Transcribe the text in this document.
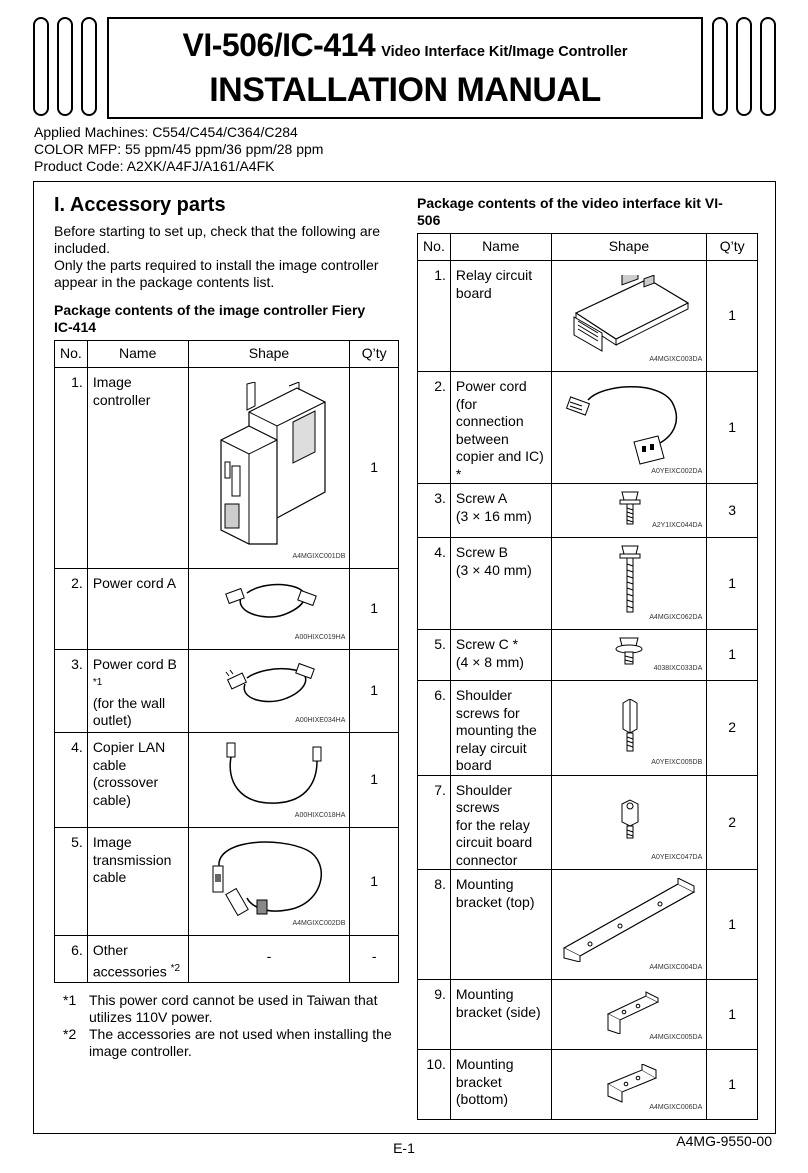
VI-506/IC-414 Video Interface Kit/Image Controller
INSTALLATION MANUAL
Applied Machines: C554/C454/C364/C284
COLOR MFP: 55 ppm/45 ppm/36 ppm/28 ppm
Product Code: A2XK/A4FJ/A161/A4FK
I. Accessory parts
Before starting to set up, check that the following are included.
Only the parts required to install the image controller appear in the package contents list.
Package contents of the image controller Fiery IC-414
No.	Name	Shape	Q’ty
1.	Image controller	A4MGIXC001DB	1
2.	Power cord A	A00HIXC019HA	1
3.	Power cord B
$^{*1}$
(for the wall outlet)	A00HIXE034HA	1
4.	Copier LAN cable (crossover cable)	A00HIXC018HA	1
5.	Image transmission cable	A4MGIXC002DB	1
6.	Other accessories $^{*2}$	-	-
*1 This power cord cannot be used in Taiwan that utilizes 110V power.
*2 The accessories are not used when installing the image controller.
Package contents of the video interface kit VI-506
No.	Name	Shape	Q’ty
1.	Relay circuit board	A4MGIXC003DA	1
2.	Power cord (for connection between copier and IC) *	A0YEIXC002DA	1
3.	Screw A
(3 × 16 mm)	A2Y1IXC044DA	3
4.	Screw B
(3 × 40 mm)	A4MGIXC062DA	1
5.	Screw C *
(4 × 8 mm)	4038IXC033DA	1
6.	Shoulder screws for mounting the relay circuit board	A0YEIXC005DB	2
7.	Shoulder screws
for the relay circuit board connector	A0YEIXC047DA	2
8.	Mounting bracket (top)	A4MGIXC004DA	1
9.	Mounting bracket (side)	A4MGIXC005DA	1
10.	Mounting bracket (bottom)	A4MGIXC006DA	1
E-1	A4MG-9550-00
